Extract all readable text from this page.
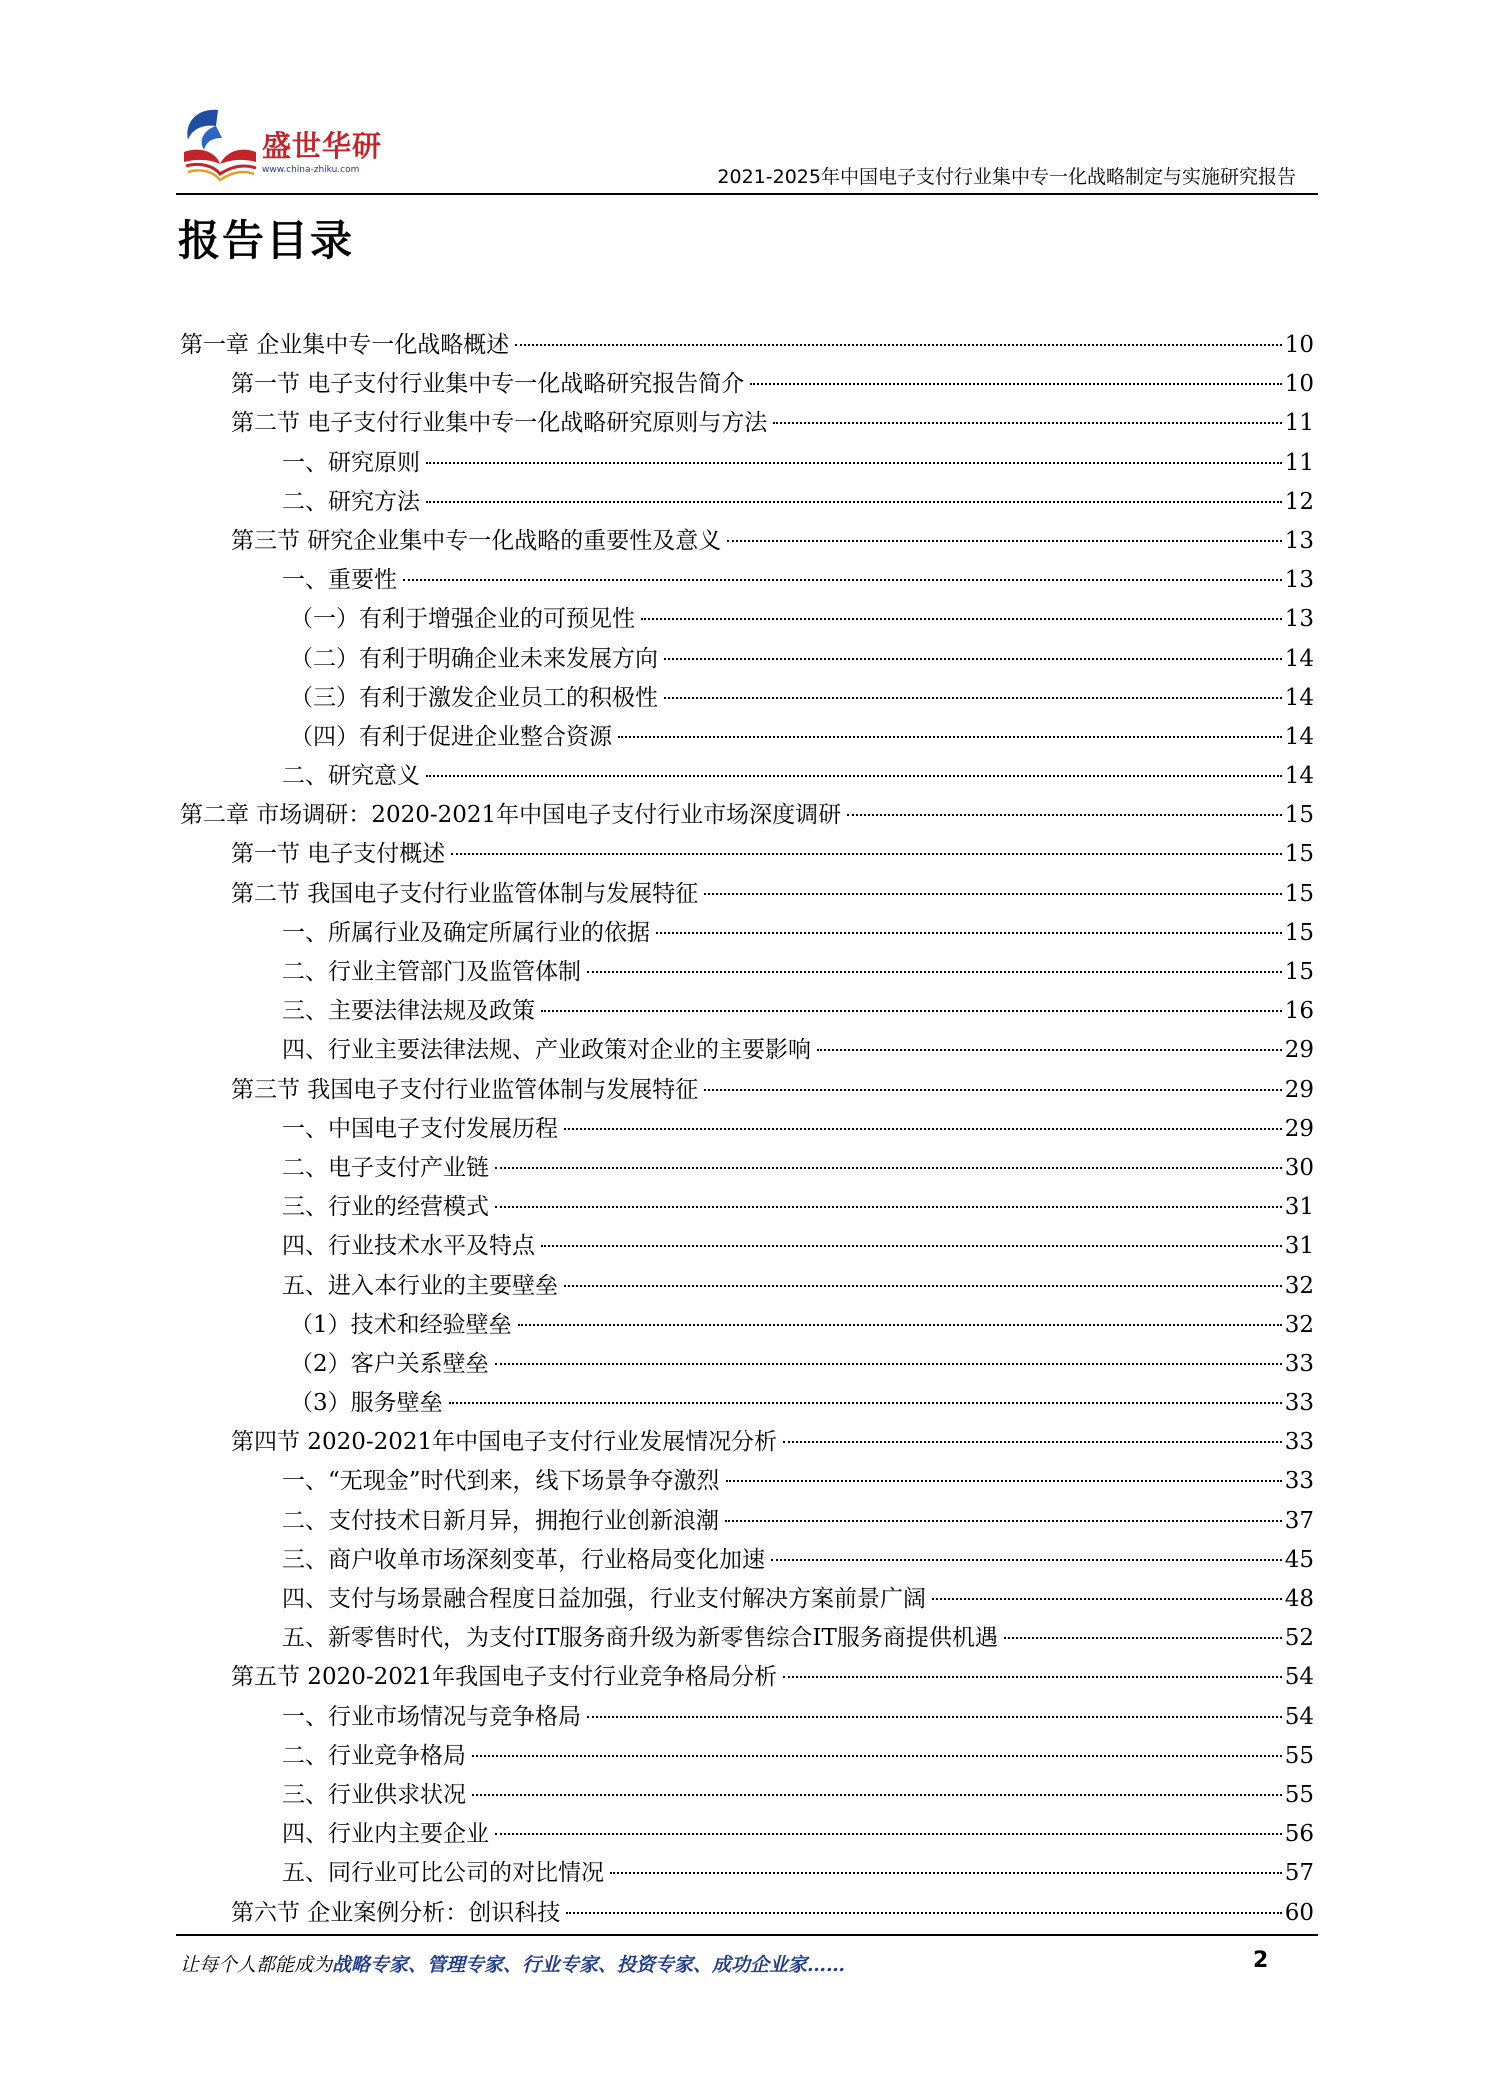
盛世华研
www.china-zhiku.com	2021-2025年中国电子支付行业集中专一化战略制定与实施研究报告
报告目录
第一章 企业集中专一化战略概述	10
第一节 电子支付行业集中专一化战略研究报告简介	10
第二节 电子支付行业集中专一化战略研究原则与方法	11
一、研究原则	11
二、研究方法	12
第三节 研究企业集中专一化战略的重要性及意义	13
一、重要性	13
（一）有利于增强企业的可预见性	13
（二）有利于明确企业未来发展方向	14
（三）有利于激发企业员工的积极性	14
（四）有利于促进企业整合资源	14
二、研究意义	14
第二章 市场调研：2020-2021年中国电子支付行业市场深度调研	15
第一节 电子支付概述	15
第二节 我国电子支付行业监管体制与发展特征	15
一、所属行业及确定所属行业的依据	15
二、行业主管部门及监管体制	15
三、主要法律法规及政策	16
四、行业主要法律法规、产业政策对企业的主要影响	29
第三节 我国电子支付行业监管体制与发展特征	29
一、中国电子支付发展历程	29
二、电子支付产业链	30
三、行业的经营模式	31
四、行业技术水平及特点	31
五、进入本行业的主要壁垒	32
（1）技术和经验壁垒	32
（2）客户关系壁垒	33
（3）服务壁垒	33
第四节 2020-2021年中国电子支付行业发展情况分析	33
一、“无现金”时代到来，线下场景争夺激烈	33
二、支付技术日新月异，拥抱行业创新浪潮	37
三、商户收单市场深刻变革，行业格局变化加速	45
四、支付与场景融合程度日益加强，行业支付解决方案前景广阔	48
五、新零售时代，为支付IT服务商升级为新零售综合IT服务商提供机遇	52
第五节 2020-2021年我国电子支付行业竞争格局分析	54
一、行业市场情况与竞争格局	54
二、行业竞争格局	55
三、行业供求状况	55
四、行业内主要企业	56
五、同行业可比公司的对比情况	57
第六节 企业案例分析：创识科技	60
让每个人都能成为战略专家、管理专家、行业专家、投资专家、成功企业家……	2
